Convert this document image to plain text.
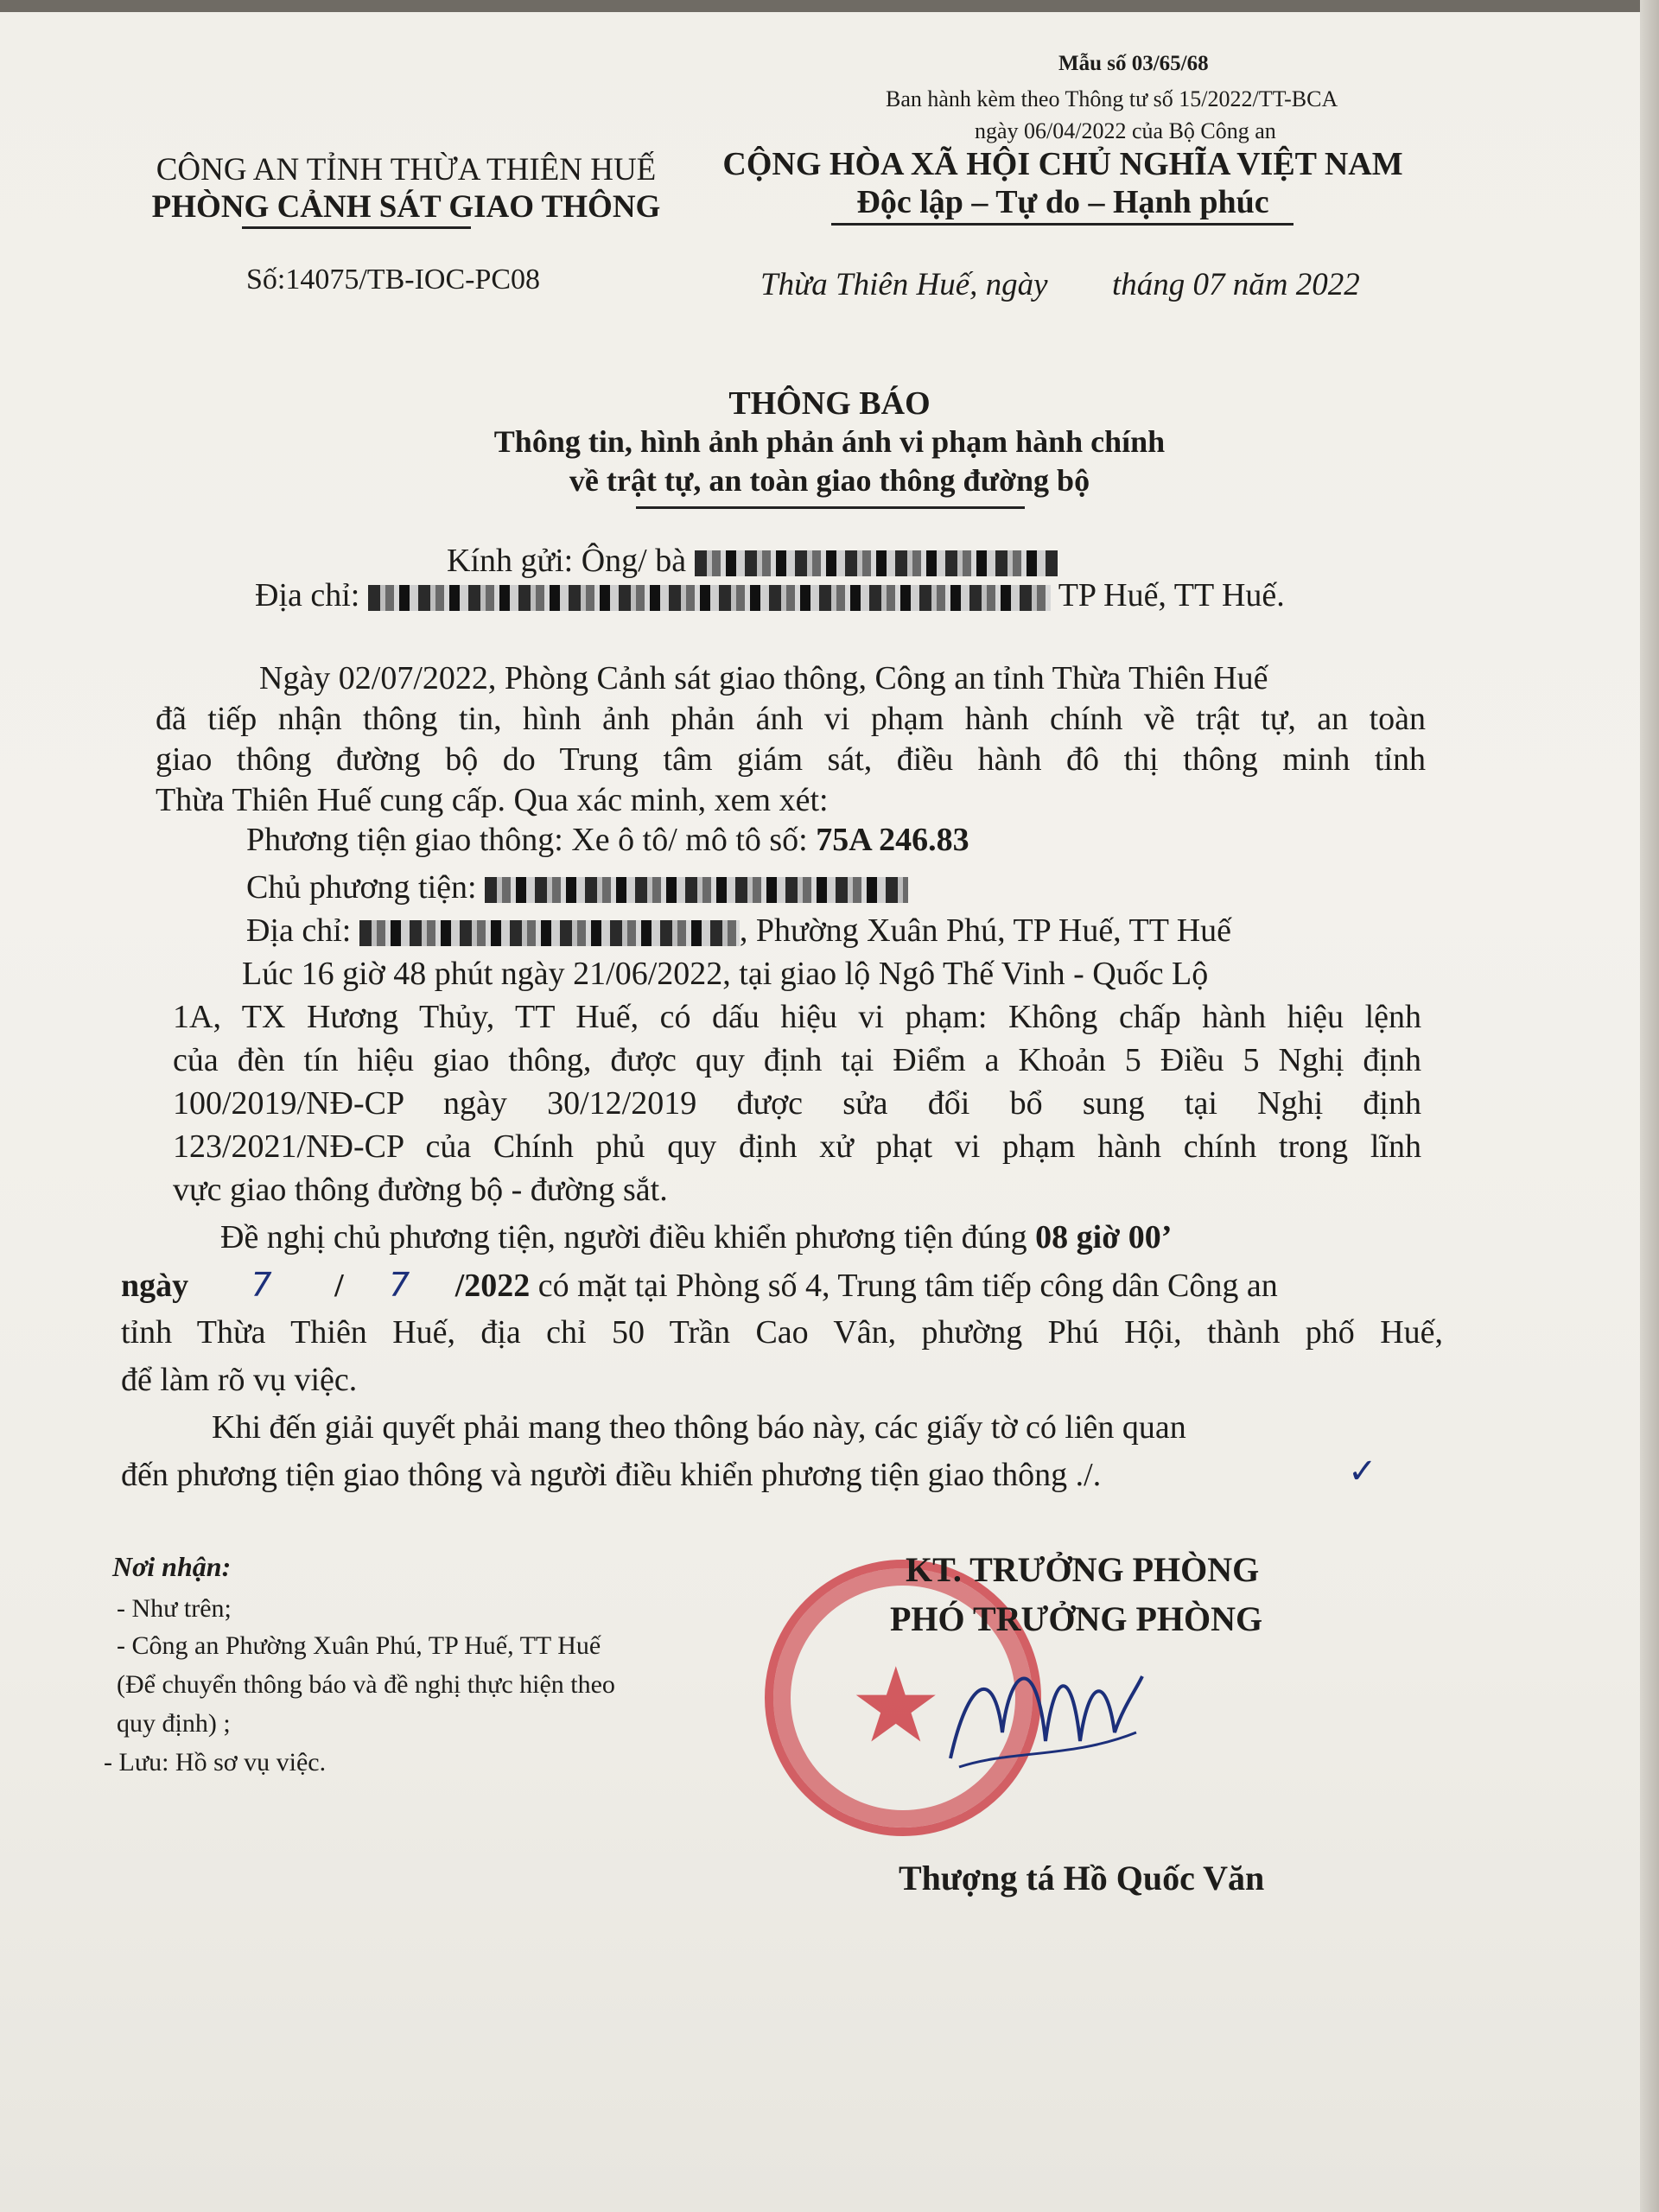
Mẫu số 03/65/68
Ban hành kèm theo Thông tư số 15/2022/TT-BCA
ngày 06/04/2022 của Bộ Công an
CÔNG AN TỈNH THỪA THIÊN HUẾ
PHÒNG CẢNH SÁT GIAO THÔNG
CỘNG HÒA XÃ HỘI CHỦ NGHĨA VIỆT NAM
Độc lập – Tự do – Hạnh phúc
Số:14075/TB-IOC-PC08	Thừa Thiên Huế, ngày tháng 07 năm 2022
THÔNG BÁO
Thông tin, hình ảnh phản ánh vi phạm hành chính
về trật tự, an toàn giao thông đường bộ
Kính gửi: Ông/ bà
Địa chỉ:	TP Huế, TT Huế.
Ngày 02/07/2022, Phòng Cảnh sát giao thông, Công an tỉnh Thừa Thiên Huế
đã tiếp nhận thông tin, hình ảnh phản ánh vi phạm hành chính về trật tự, an toàn
giao thông đường bộ do Trung tâm giám sát, điều hành đô thị thông minh tỉnh
Thừa Thiên Huế cung cấp. Qua xác minh, xem xét:
Phương tiện giao thông: Xe ô tô/ mô tô số: 75A 246.83
Chủ phương tiện:
Địa chỉ:	, Phường Xuân Phú, TP Huế, TT Huế
Lúc 16 giờ 48 phút ngày 21/06/2022, tại giao lộ Ngô Thế Vinh - Quốc Lộ
1A, TX Hương Thủy, TT Huế, có dấu hiệu vi phạm: Không chấp hành hiệu lệnh
của đèn tín hiệu giao thông, được quy định tại Điểm a Khoản 5 Điều 5 Nghị định
100/2019/NĐ-CP ngày 30/12/2019 được sửa đổi bổ sung tại Nghị định
123/2021/NĐ-CP của Chính phủ quy định xử phạt vi phạm hành chính trong lĩnh
vực giao thông đường bộ - đường sắt.
Đề nghị chủ phương tiện, người điều khiển phương tiện đúng 08 giờ 00’
ngày 7 / 7 /2022 có mặt tại Phòng số 4, Trung tâm tiếp công dân Công an
tỉnh Thừa Thiên Huế, địa chỉ 50 Trần Cao Vân, phường Phú Hội, thành phố Huế,
để làm rõ vụ việc.
Khi đến giải quyết phải mang theo thông báo này, các giấy tờ có liên quan
đến phương tiện giao thông và người điều khiển phương tiện giao thông ./.	✓
Nơi nhận:
- Như trên;
- Công an Phường Xuân Phú, TP Huế, TT Huế
(Để chuyển thông báo và đề nghị thực hiện theo
quy định) ;
- Lưu: Hồ sơ vụ việc.	★
KT. TRƯỞNG PHÒNG
PHÓ TRƯỞNG PHÒNG
Thượng tá Hồ Quốc Văn
